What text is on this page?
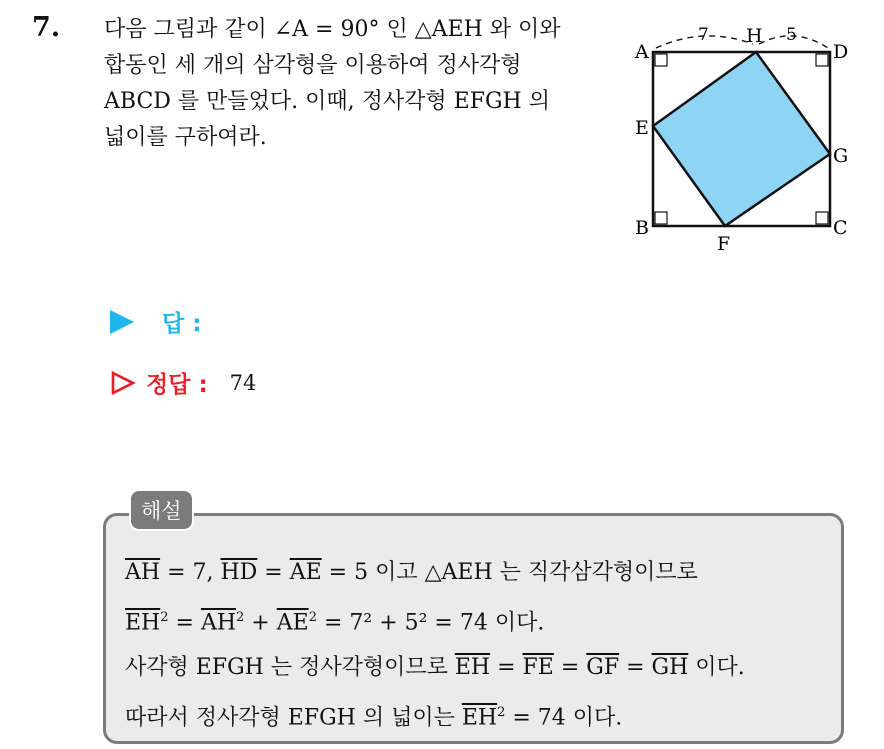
7. 다음 그림과 같이 ∠A = 90° 인 △AEH 와 이와
합동인 세 개의 삼각형을 이용하여 정사각형
ABCD 를 만들었다. 이때, 정사각형 EFGH 의
넓이를 구하여라.
7	5
A
H
D
E
G
B	C
F
답 :
정답 : 74
해설
$\overline{AH} = 7$, $\overline{HD} = \overline{AE} = 5$ 이고 △AEH 는 직각삼각형이므로
$\overline{EH}^2 = \overline{AH}^2 + \overline{AE}^2 = 7^2 + 5^2 = 74$ 이다.
사각형 EFGH 는 정사각형이므로 $\overline{EH} = \overline{FE} = \overline{GF} = \overline{GH}$ 이다.
따라서 정사각형 EFGH 의 넓이는 $\overline{EH}^2 = 74$ 이다.
